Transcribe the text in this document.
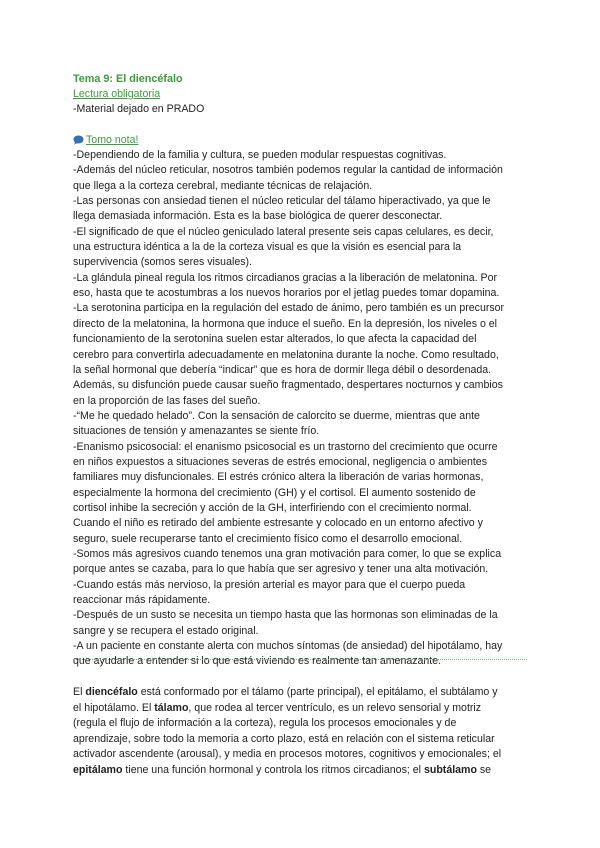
Tema 9: El diencéfalo
Lectura obligatoria
-Material dejado en PRADO
Tomo nota!
-Dependiendo de la familia y cultura, se pueden modular respuestas cognitivas.
-Además del núcleo reticular, nosotros también podemos regular la cantidad de información
que llega a la corteza cerebral, mediante técnicas de relajación.
-Las personas con ansiedad tienen el núcleo reticular del tálamo hiperactivado, ya que le
llega demasiada información. Esta es la base biológica de querer desconectar.
-El significado de que el núcleo geniculado lateral presente seis capas celulares, es decir,
una estructura idéntica a la de la corteza visual es que la visión es esencial para la
supervivencia (somos seres visuales).
-La glándula pineal regula los ritmos circadianos gracias a la liberación de melatonina. Por
eso, hasta que te acostumbras a los nuevos horarios por el jetlag puedes tomar dopamina.
-La serotonina participa en la regulación del estado de ánimo, pero también es un precursor
directo de la melatonina, la hormona que induce el sueño. En la depresión, los niveles o el
funcionamiento de la serotonina suelen estar alterados, lo que afecta la capacidad del
cerebro para convertirla adecuadamente en melatonina durante la noche. Como resultado,
la señal hormonal que debería “indicar” que es hora de dormir llega débil o desordenada.
Además, su disfunción puede causar sueño fragmentado, despertares nocturnos y cambios
en la proporción de las fases del sueño.
-“Me he quedado helado”. Con la sensación de calorcito se duerme, mientras que ante
situaciones de tensión y amenazantes se siente frío.
-Enanismo psicosocial: el enanismo psicosocial es un trastorno del crecimiento que ocurre
en niños expuestos a situaciones severas de estrés emocional, negligencia o ambientes
familiares muy disfuncionales. El estrés crónico altera la liberación de varias hormonas,
especialmente la hormona del crecimiento (GH) y el cortisol. El aumento sostenido de
cortisol inhibe la secreción y acción de la GH, interfiriendo con el crecimiento normal.
Cuando el niño es retirado del ambiente estresante y colocado en un entorno afectivo y
seguro, suele recuperarse tanto el crecimiento físico como el desarrollo emocional.
-Somos más agresivos cuando tenemos una gran motivación para comer, lo que se explica
porque antes se cazaba, para lo que había que ser agresivo y tener una alta motivación.
-Cuando estás más nervioso, la presión arterial es mayor para que el cuerpo pueda
reaccionar más rápidamente.
-Después de un susto se necesita un tiempo hasta que las hormonas son eliminadas de la
sangre y se recupera el estado original.
-A un paciente en constante alerta con muchos síntomas (de ansiedad) del hipotálamo, hay
que ayudarle a entender si lo que está viviendo es realmente tan amenazante.
El diencéfalo está conformado por el tálamo (parte principal), el epitálamo, el subtálamo y
el hipotálamo. El tálamo, que rodea al tercer ventrículo, es un relevo sensorial y motriz
(regula el flujo de información a la corteza), regula los procesos emocionales y de
aprendizaje, sobre todo la memoria a corto plazo, está en relación con el sistema reticular
activador ascendente (arousal), y media en procesos motores, cognitivos y emocionales; el
epitálamo tiene una función hormonal y controla los ritmos circadianos; el subtálamo se
